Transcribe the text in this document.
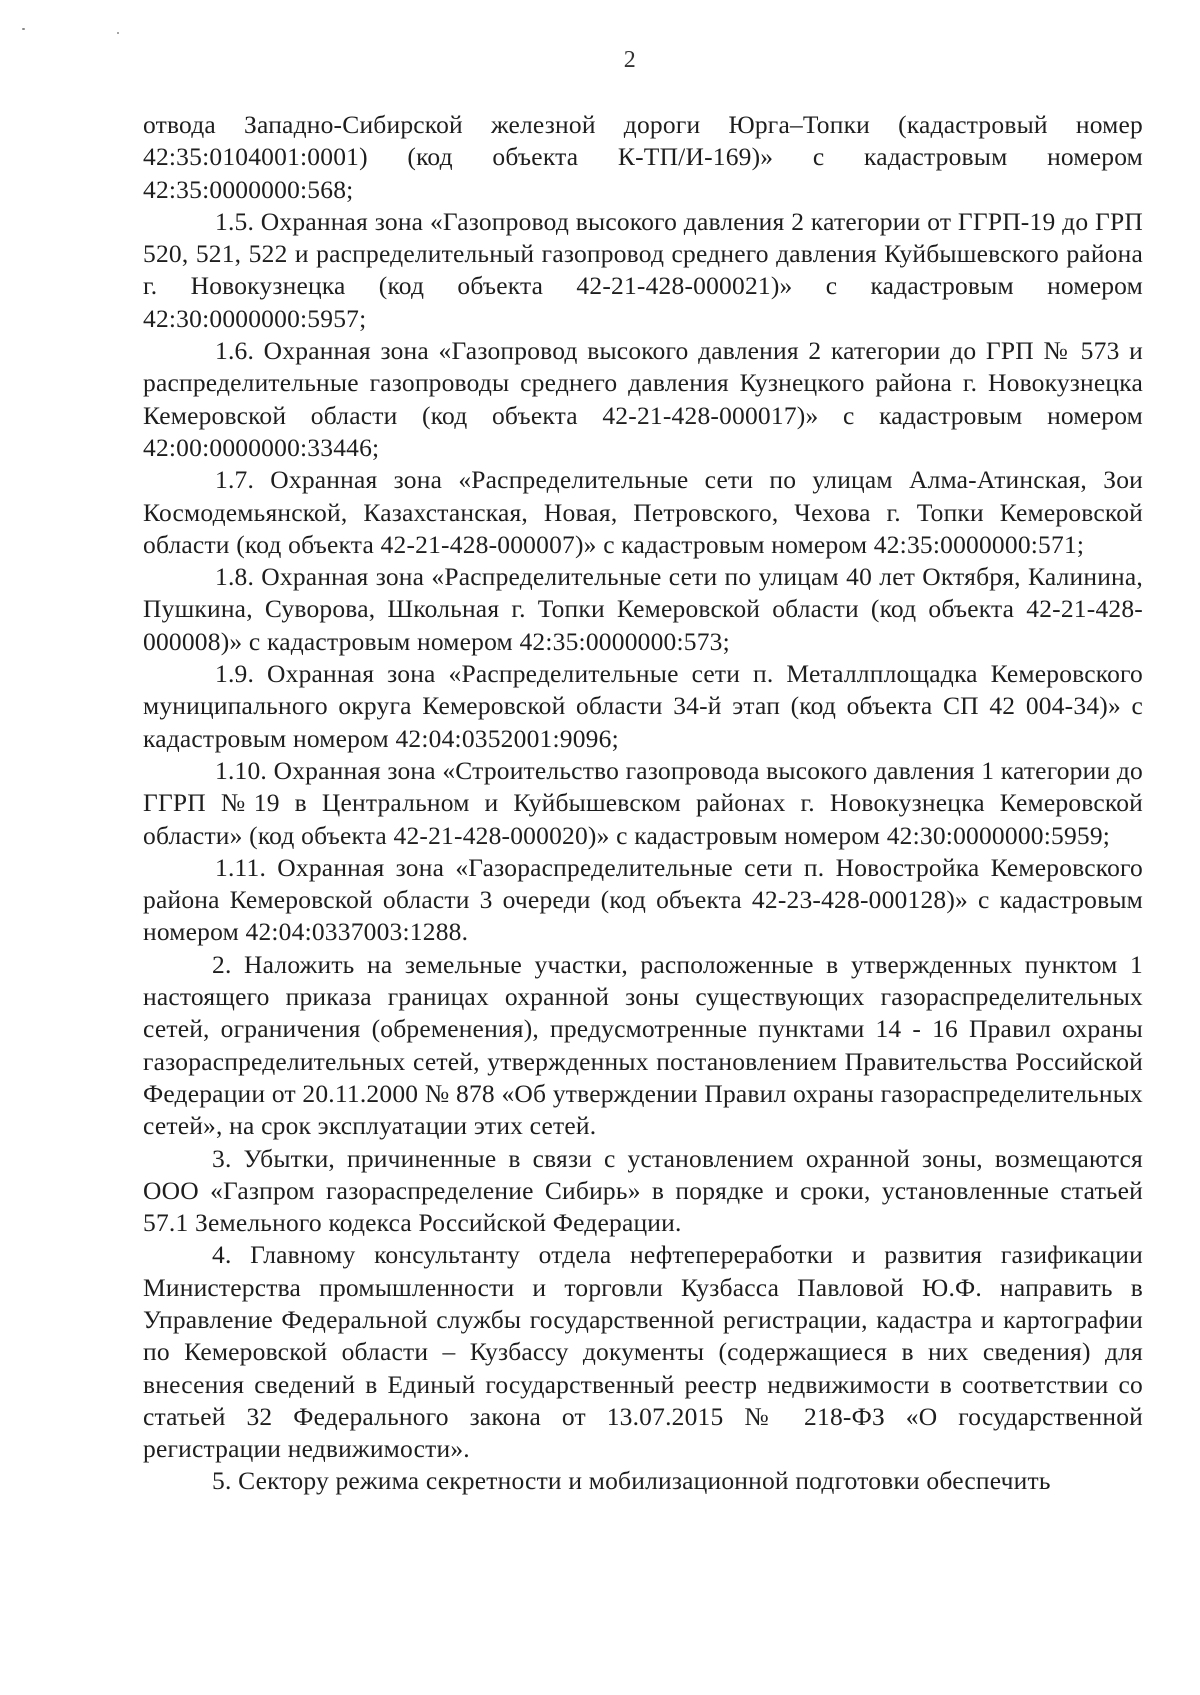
2

отвода Западно-Сибирской железной дороги Юрга–Топки (кадастровый номер 42:35:0104001:0001) (код объекта К-ТП/И-169)» с кадастровым номером 42:35:0000000:568;

1.5. Охранная зона «Газопровод высокого давления 2 категории от ГГРП-19 до ГРП 520, 521, 522 и распределительный газопровод среднего давления Куйбышевского района г. Новокузнецка (код объекта 42-21-428-000021)» с кадастровым номером 42:30:0000000:5957;

1.6. Охранная зона «Газопровод высокого давления 2 категории до ГРП № 573 и распределительные газопроводы среднего давления Кузнецкого района г. Новокузнецка Кемеровской области (код объекта 42-21-428-000017)» с кадастровым номером 42:00:0000000:33446;

1.7. Охранная зона «Распределительные сети по улицам Алма-Атинская, Зои Космодемьянской, Казахстанская, Новая, Петровского, Чехова г. Топки Кемеровской области (код объекта 42-21-428-000007)» с кадастровым номером 42:35:0000000:571;

1.8. Охранная зона «Распределительные сети по улицам 40 лет Октября, Калинина, Пушкина, Суворова, Школьная г. Топки Кемеровской области (код объекта 42-21-428-000008)» с кадастровым номером 42:35:0000000:573;

1.9. Охранная зона «Распределительные сети п. Металлплощадка Кемеровского муниципального округа Кемеровской области 34-й этап (код объекта СП 42 004-34)» с кадастровым номером 42:04:0352001:9096;

1.10. Охранная зона «Строительство газопровода высокого давления 1 категории до ГГРП №19 в Центральном и Куйбышевском районах г. Новокузнецка Кемеровской области» (код объекта 42-21-428-000020)» с кадастровым номером 42:30:0000000:5959;

1.11. Охранная зона «Газораспределительные сети п. Новостройка Кемеровского района Кемеровской области 3 очереди (код объекта 42-23-428-000128)» с кадастровым номером 42:04:0337003:1288.

2. Наложить на земельные участки, расположенные в утвержденных пунктом 1 настоящего приказа границах охранной зоны существующих газораспределительных сетей, ограничения (обременения), предусмотренные пунктами 14 - 16 Правил охраны газораспределительных сетей, утвержденных постановлением Правительства Российской Федерации от 20.11.2000 № 878 «Об утверждении Правил охраны газораспределительных сетей», на срок эксплуатации этих сетей.

3. Убытки, причиненные в связи с установлением охранной зоны, возмещаются ООО «Газпром газораспределение Сибирь» в порядке и сроки, установленные статьей 57.1 Земельного кодекса Российской Федерации.

4. Главному консультанту отдела нефтепереработки и развития газификации Министерства промышленности и торговли Кузбасса Павловой Ю.Ф. направить в Управление Федеральной службы государственной регистрации, кадастра и картографии по Кемеровской области – Кузбассу документы (содержащиеся в них сведения) для внесения сведений в Единый государственный реестр недвижимости в соответствии со статьей 32 Федерального закона от 13.07.2015 № 218-ФЗ «О государственной регистрации недвижимости».

5. Сектору режима секретности и мобилизационной подготовки обеспечить
